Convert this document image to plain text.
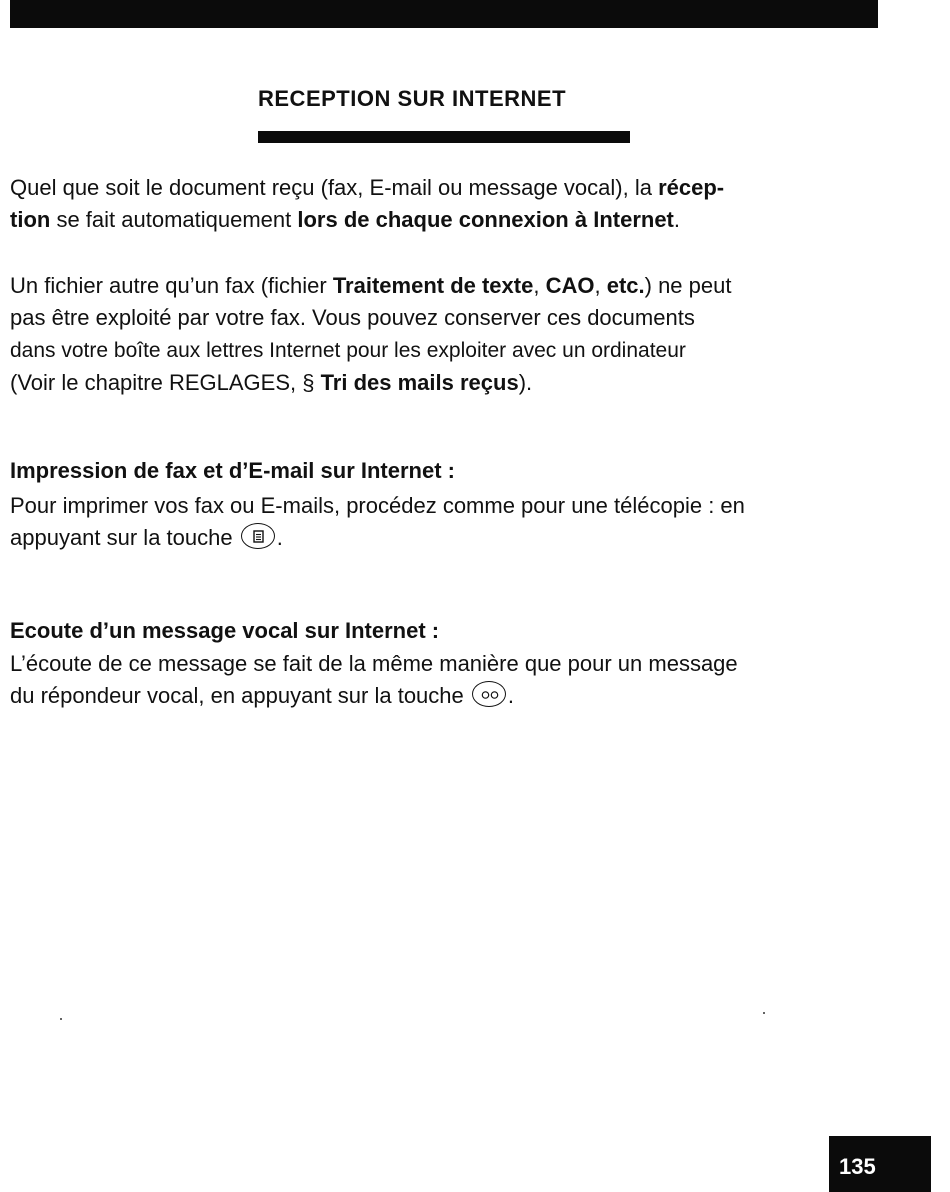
RECEPTION SUR INTERNET

Quel que soit le document reçu (fax, E-mail ou message vocal), la récep-
tion se fait automatiquement lors de chaque connexion à Internet.

Un fichier autre qu’un fax (fichier Traitement de texte, CAO, etc.) ne peut
pas être exploité par votre fax. Vous pouvez conserver ces documents
dans votre boîte aux lettres Internet pour les exploiter avec un ordinateur
(Voir le chapitre REGLAGES, § Tri des mails reçus).

Impression de fax et d’E-mail sur Internet :

Pour imprimer vos fax ou E-mails, procédez comme pour une télécopie : en
appuyant sur la touche .

Ecoute d’un message vocal sur Internet :

L’écoute de ce message se fait de la même manière que pour un message
du répondeur vocal, en appuyant sur la touche .

135
